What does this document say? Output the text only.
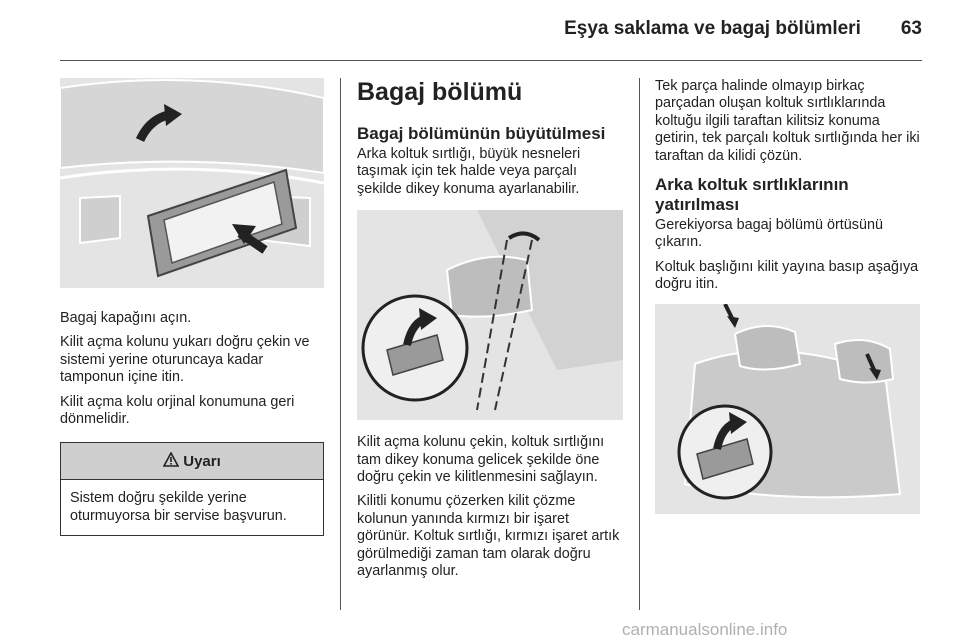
Eşya saklama ve bagaj bölümleri 63

Bagaj kapağını açın.

Kilit açma kolunu yukarı doğru çekin ve sistemi yerine oturuncaya kadar tamponun içine itin.

Kilit açma kolu orjinal konumuna geri dönmelidir.

Uyarı

Sistem doğru şekilde yerine oturmuyorsa bir servise başvurun.

Bagaj bölümü
Bagaj bölümünün büyütülmesi

Arka koltuk sırtlığı, büyük nesneleri taşımak için tek halde veya parçalı şekilde dikey konuma ayarlanabilir.

Kilit açma kolunu çekin, koltuk sırtlığını tam dikey konuma gelicek şekilde öne doğru çekin ve kilitlenmesini sağlayın.

Kilitli konumu çözerken kilit çözme kolunun yanında kırmızı bir işaret görünür. Koltuk sırtlığı, kırmızı işaret artık görülmediği zaman tam olarak doğru ayarlanmış olur.

Tek parça halinde olmayıp birkaç parçadan oluşan koltuk sırtlıklarında koltuğu ilgili taraftan kilitsiz konuma getirin, tek parçalı koltuk sırtlığında her iki taraftan da kilidi çözün.

Arka koltuk sırtlıklarının yatırılması

Gerekiyorsa bagaj bölümü örtüsünü çıkarın.

Koltuk başlığını kilit yayına basıp aşağıya doğru itin.

carmanualsonline.info
